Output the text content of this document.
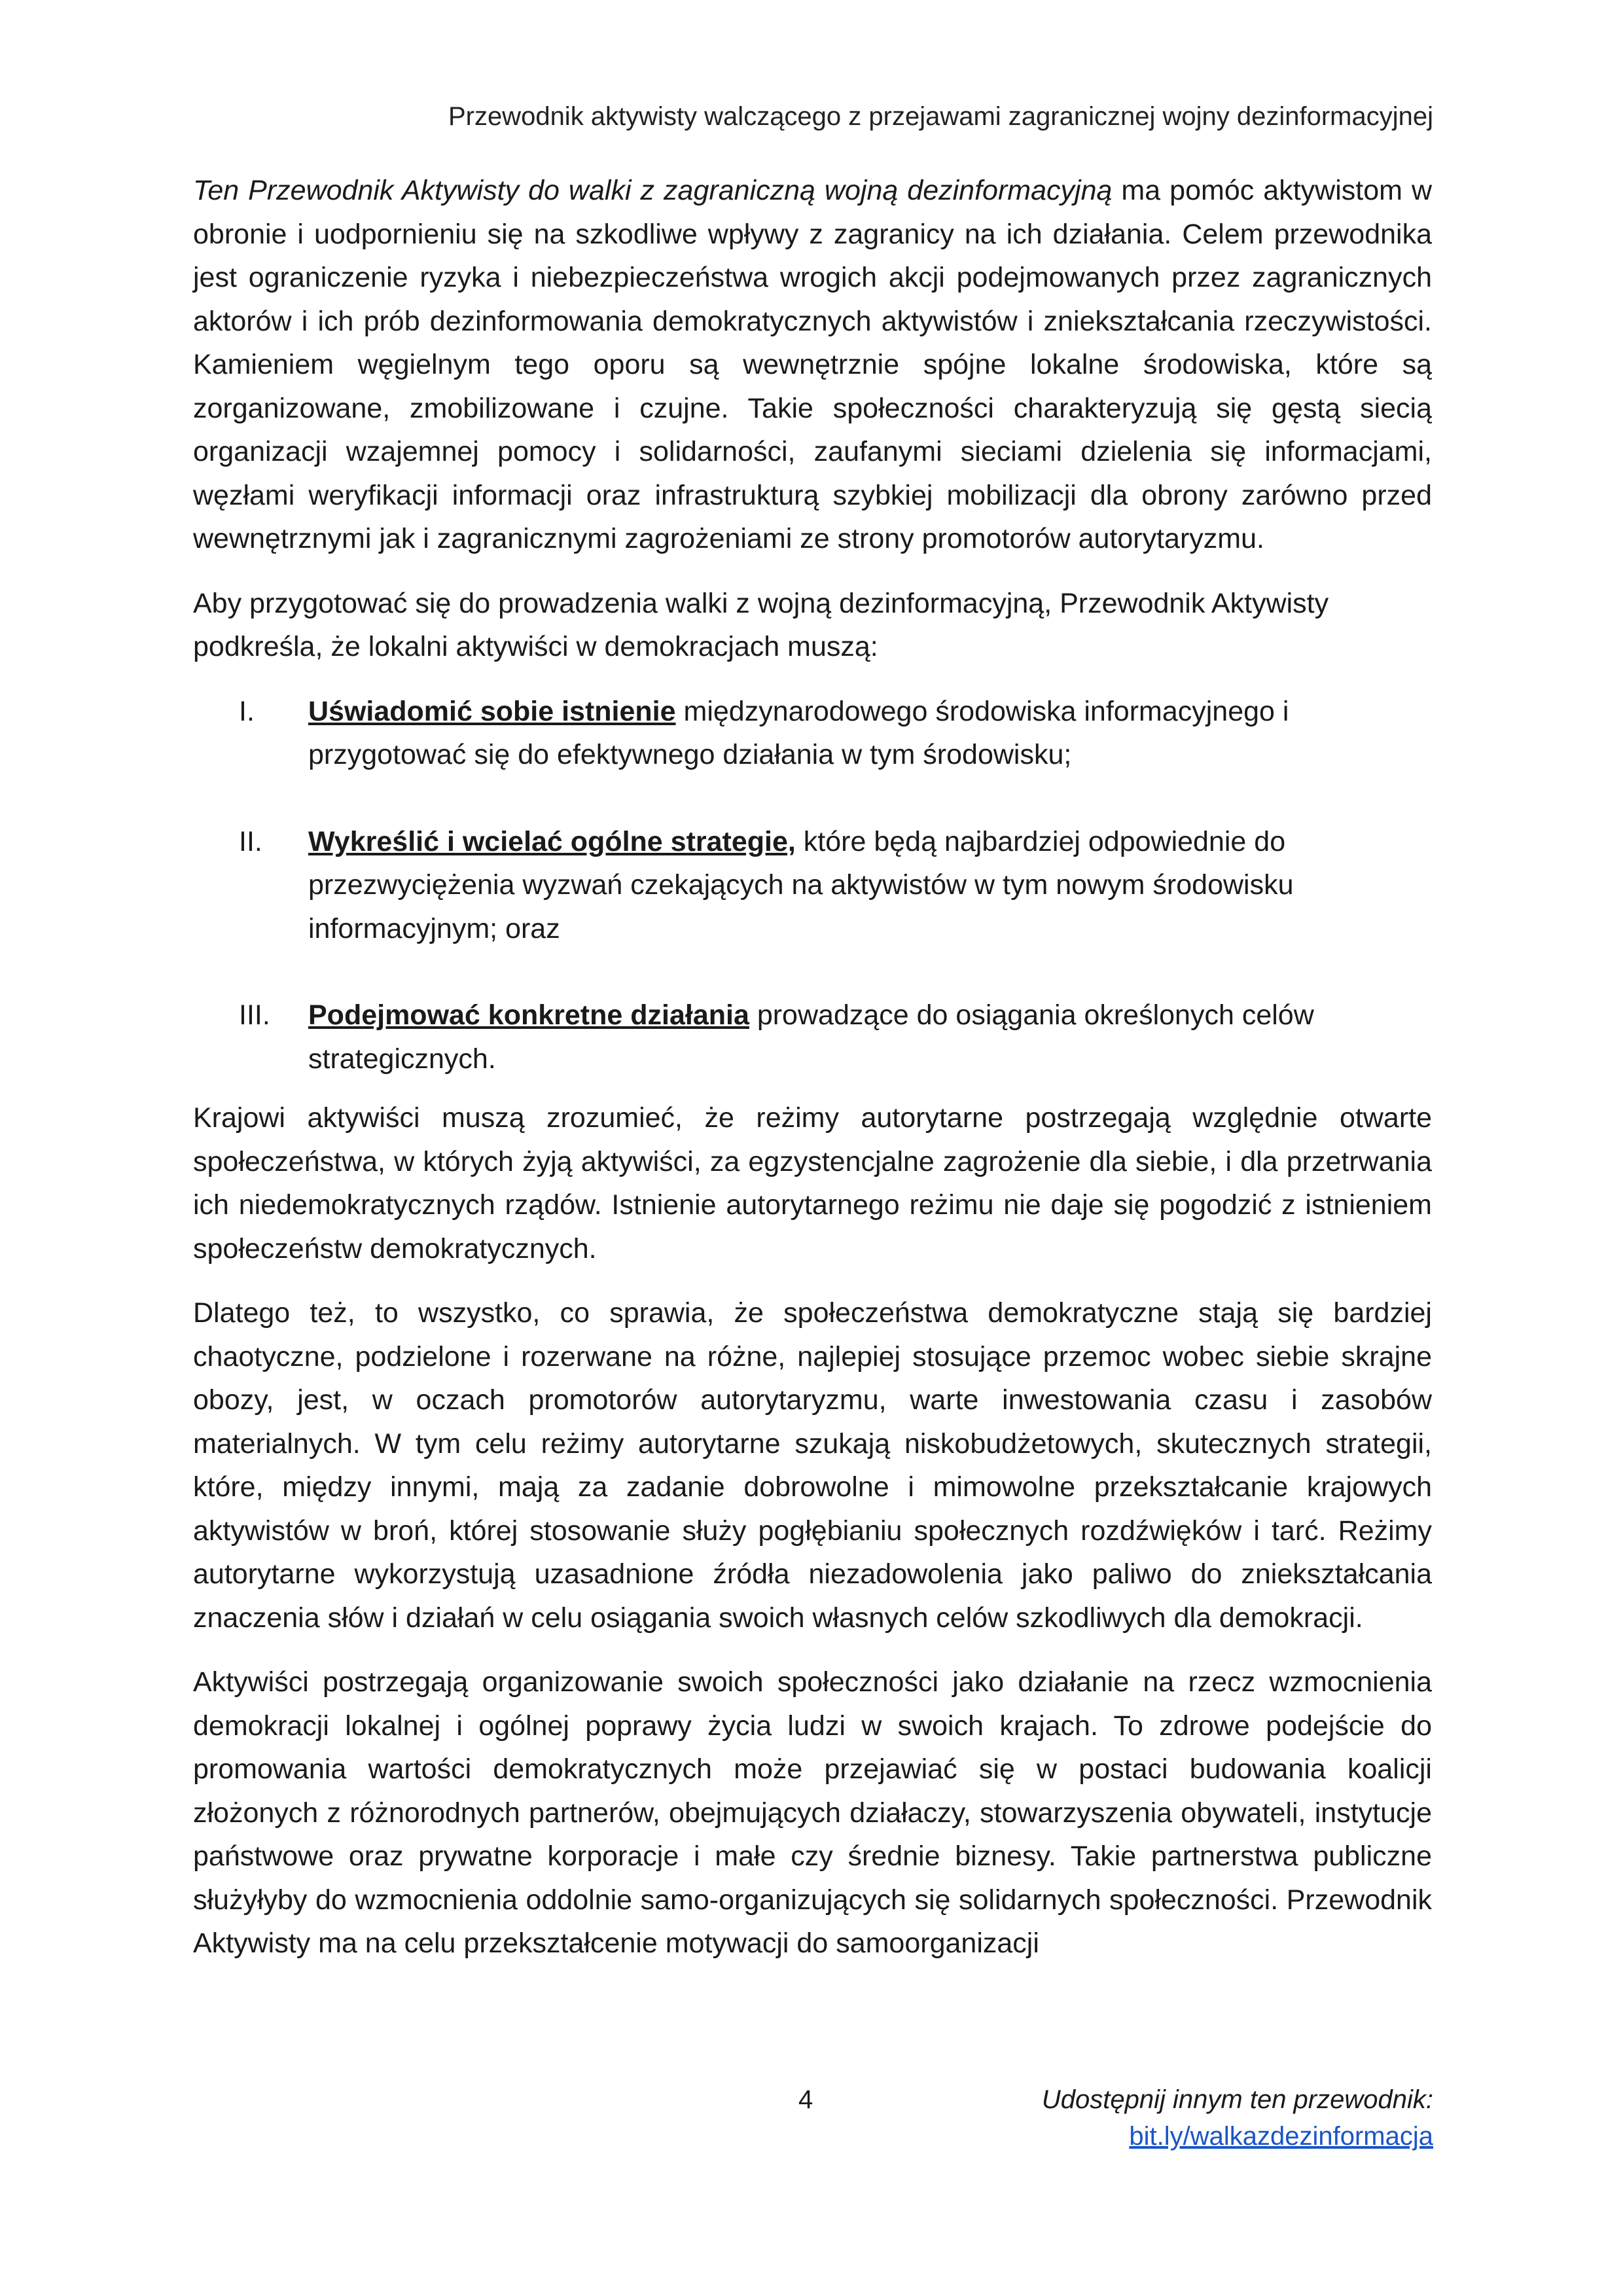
Przewodnik aktywisty walczącego z przejawami zagranicznej wojny dezinformacyjnej

Ten Przewodnik Aktywisty do walki z zagraniczną wojną dezinformacyjną ma pomóc aktywistom w obronie i uodpornieniu się na szkodliwe wpływy z zagranicy na ich działania. Celem przewodnika jest ograniczenie ryzyka i niebezpieczeństwa wrogich akcji podejmowanych przez zagranicznych aktorów i ich prób dezinformowania demokratycznych aktywistów i zniekształcania rzeczywistości. Kamieniem węgielnym tego oporu są wewnętrznie spójne lokalne środowiska, które są zorganizowane, zmobilizowane i czujne. Takie społeczności charakteryzują się gęstą siecią organizacji wzajemnej pomocy i solidarności, zaufanymi sieciami dzielenia się informacjami, węzłami weryfikacji informacji oraz infrastrukturą szybkiej mobilizacji dla obrony zarówno przed wewnętrznymi jak i zagranicznymi zagrożeniami ze strony promotorów autorytaryzmu.

Aby przygotować się do prowadzenia walki z wojną dezinformacyjną, Przewodnik Aktywisty podkreśla, że lokalni aktywiści w demokracjach muszą:

I. Uświadomić sobie istnienie międzynarodowego środowiska informacyjnego i przygotować się do efektywnego działania w tym środowisku;
II. Wykreślić i wcielać ogólne strategie, które będą najbardziej odpowiednie do przezwyciężenia wyzwań czekających na aktywistów w tym nowym środowisku informacyjnym; oraz
III. Podejmować konkretne działania prowadzące do osiągania określonych celów strategicznych.

Krajowi aktywiści muszą zrozumieć, że reżimy autorytarne postrzegają względnie otwarte społeczeństwa, w których żyją aktywiści, za egzystencjalne zagrożenie dla siebie, i dla przetrwania ich niedemokratycznych rządów. Istnienie autorytarnego reżimu nie daje się pogodzić z istnieniem społeczeństw demokratycznych.

Dlatego też, to wszystko, co sprawia, że społeczeństwa demokratyczne stają się bardziej chaotyczne, podzielone i rozerwane na różne, najlepiej stosujące przemoc wobec siebie skrajne obozy, jest, w oczach promotorów autorytaryzmu, warte inwestowania czasu i zasobów materialnych. W tym celu reżimy autorytarne szukają niskobudżetowych, skutecznych strategii, które, między innymi, mają za zadanie dobrowolne i mimowolne przekształcanie krajowych aktywistów w broń, której stosowanie służy pogłębianiu społecznych rozdźwięków i tarć. Reżimy autorytarne wykorzystują uzasadnione źródła niezadowolenia jako paliwo do zniekształcania znaczenia słów i działań w celu osiągania swoich własnych celów szkodliwych dla demokracji.

Aktywiści postrzegają organizowanie swoich społeczności jako działanie na rzecz wzmocnienia demokracji lokalnej i ogólnej poprawy życia ludzi w swoich krajach. To zdrowe podejście do promowania wartości demokratycznych może przejawiać się w postaci budowania koalicji złożonych z różnorodnych partnerów, obejmujących działaczy, stowarzyszenia obywateli, instytucje państwowe oraz prywatne korporacje i małe czy średnie biznesy. Takie partnerstwa publiczne służyłyby do wzmocnienia oddolnie samo-organizujących się solidarnych społeczności. Przewodnik Aktywisty ma na celu przekształcenie motywacji do samoorganizacji

4	Udostępnij innym ten przewodnik:
bit.ly/walkazdezinformacja
